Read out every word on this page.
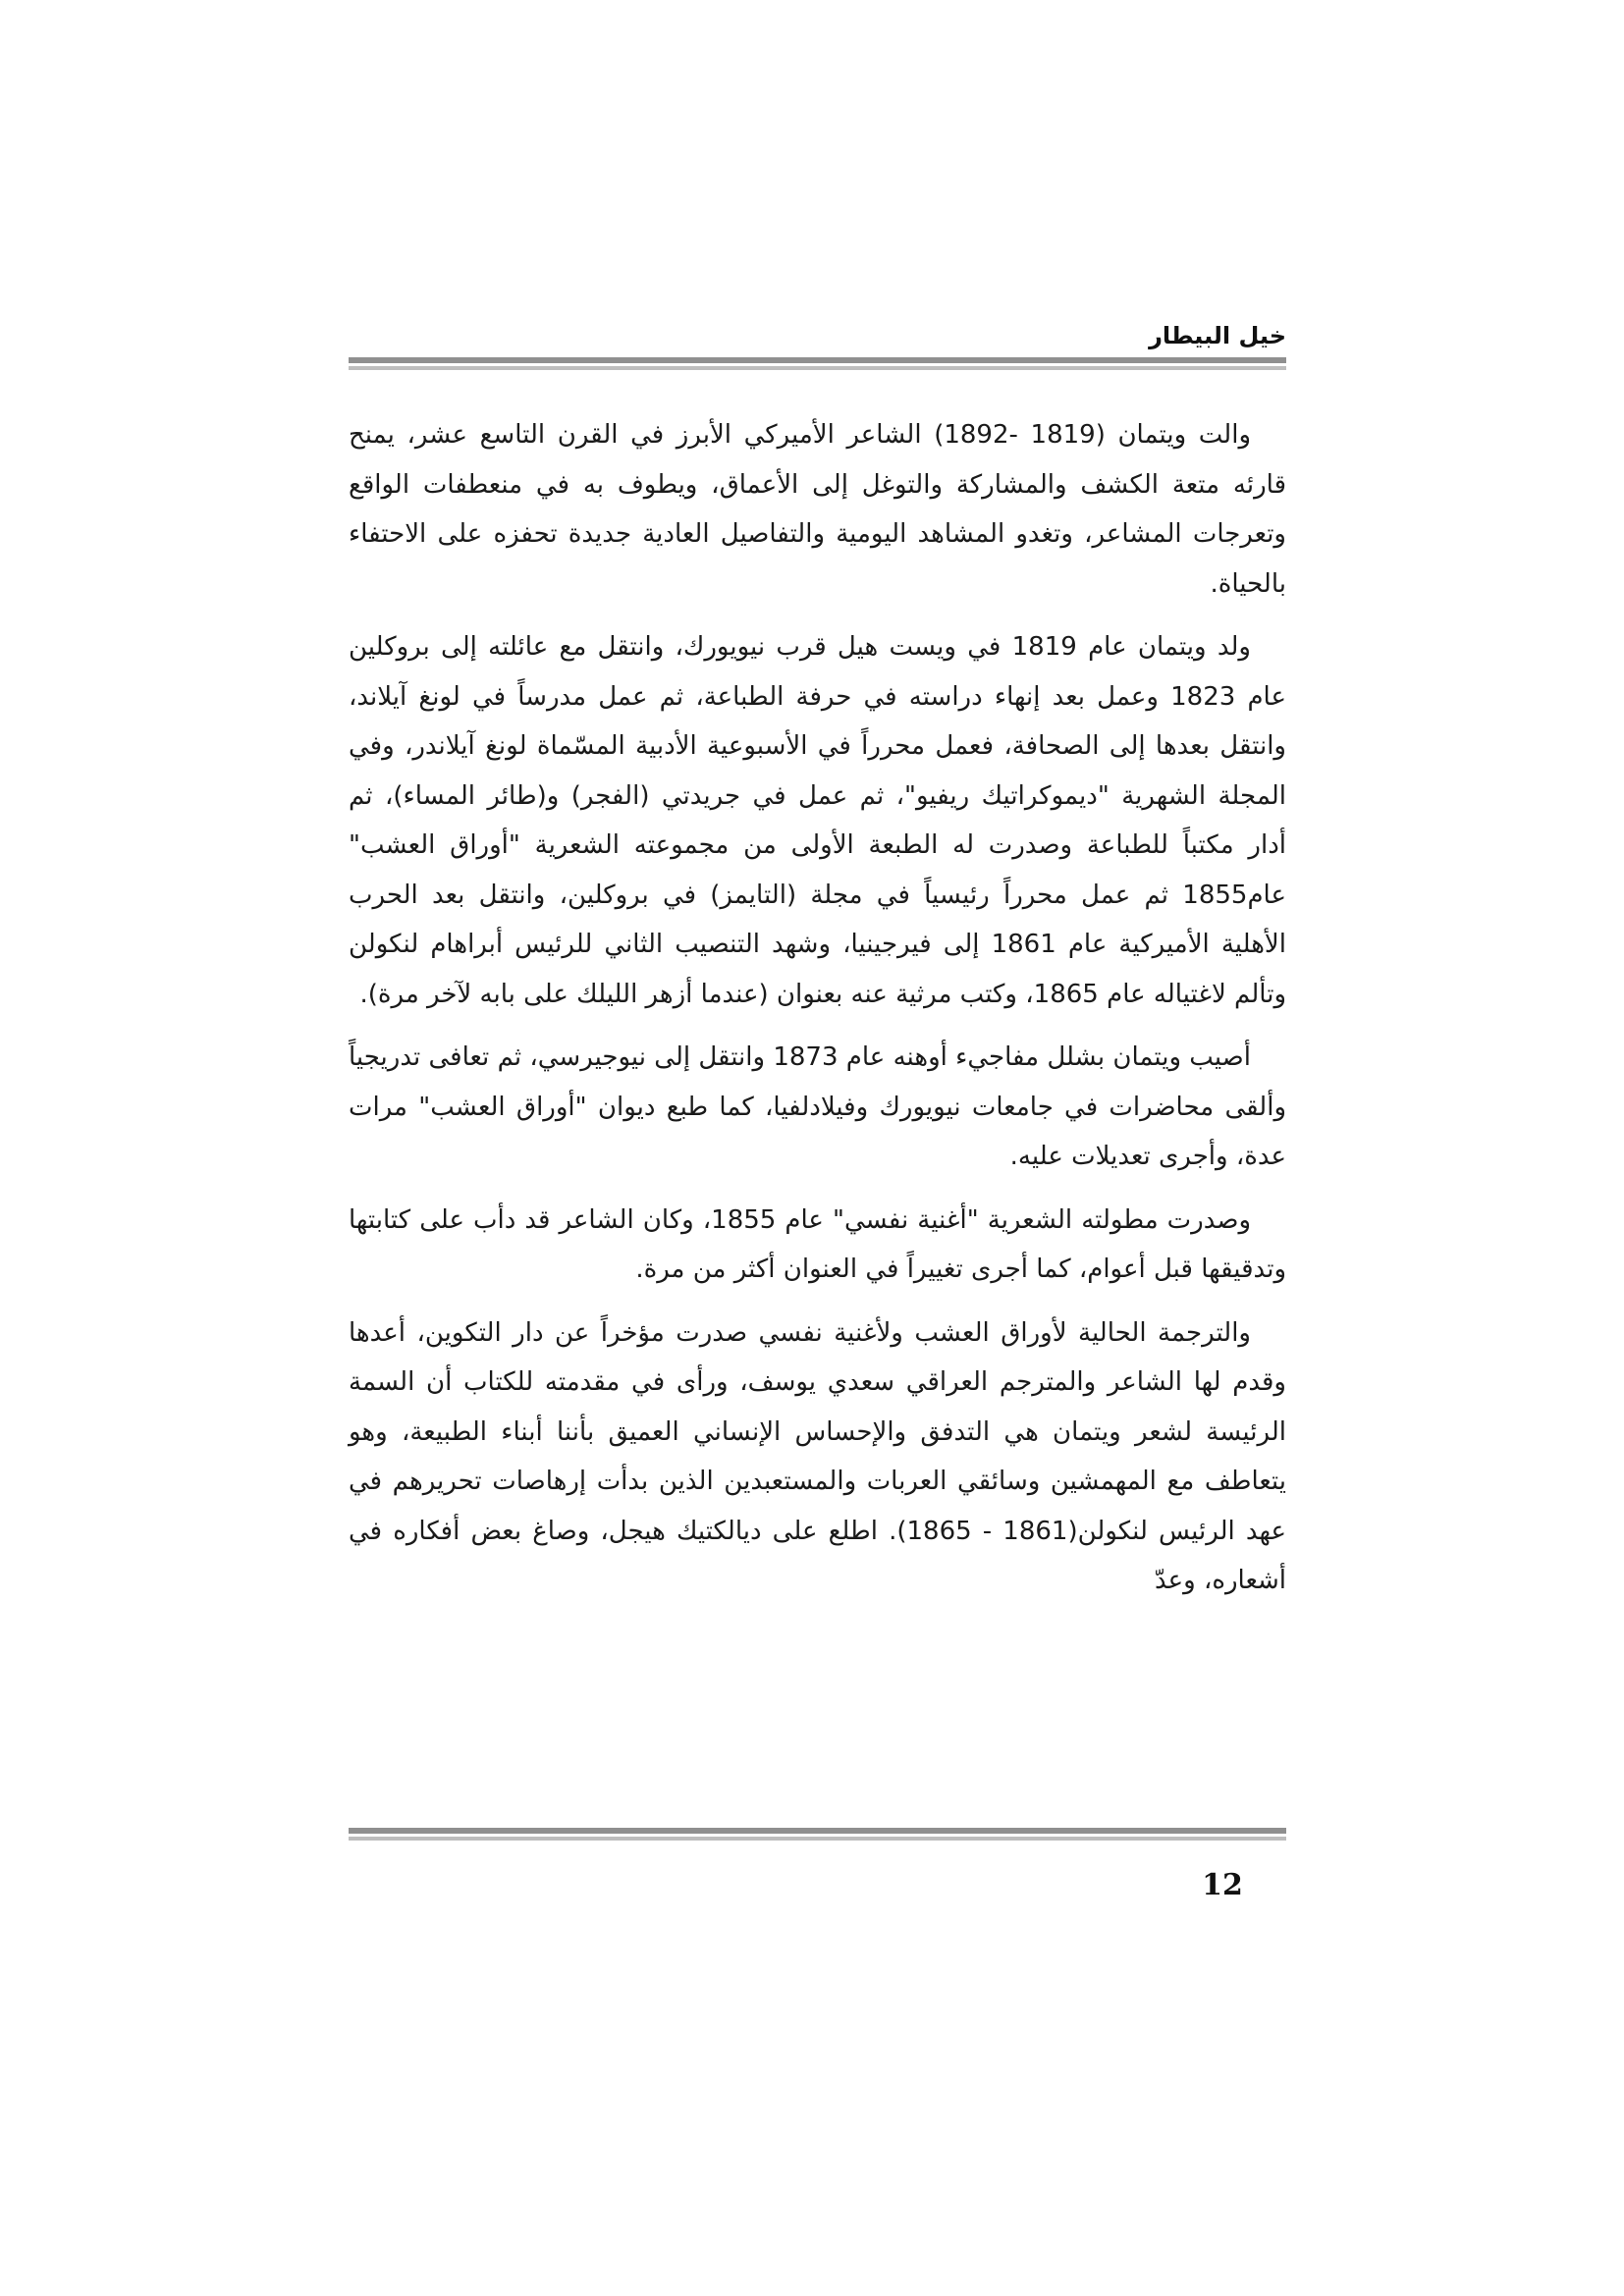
خيل البيطار

والت ويتمان (1819 -1892) الشاعر الأميركي الأبرز في القرن التاسع عشر، يمنح قارئه متعة الكشف والمشاركة والتوغل إلى الأعماق، ويطوف به في منعطفات الواقع وتعرجات المشاعر، وتغدو المشاهد اليومية والتفاصيل العادية جديدة تحفزه على الاحتفاء بالحياة.

ولد ويتمان عام 1819 في ويست هيل قرب نيويورك، وانتقل مع عائلته إلى بروكلين عام 1823 وعمل بعد إنهاء دراسته في حرفة الطباعة، ثم عمل مدرساً في لونغ آيلاند، وانتقل بعدها إلى الصحافة، فعمل محرراً في الأسبوعية الأدبية المسّماة لونغ آيلاندر، وفي المجلة الشهرية "ديموكراتيك ريفيو"، ثم عمل في جريدتي (الفجر) و(طائر المساء)، ثم أدار مكتباً للطباعة وصدرت له الطبعة الأولى من مجموعته الشعرية "أوراق العشب" عام1855 ثم عمل محرراً رئيسياً في مجلة (التايمز) في بروكلين، وانتقل بعد الحرب الأهلية الأميركية عام 1861 إلى فيرجينيا، وشهد التنصيب الثاني للرئيس أبراهام لنكولن وتألم لاغتياله عام 1865، وكتب مرثية عنه بعنوان (عندما أزهر الليلك على بابه لآخر مرة).

أصيب ويتمان بشلل مفاجيء أوهنه عام 1873 وانتقل إلى نيوجيرسي، ثم تعافى تدريجياً وألقى محاضرات في جامعات نيويورك وفيلادلفيا، كما طبع ديوان "أوراق العشب" مرات عدة، وأجرى تعديلات عليه.

وصدرت مطولته الشعرية "أغنية نفسي" عام 1855، وكان الشاعر قد دأب على كتابتها وتدقيقها قبل أعوام، كما أجرى تغييراً في العنوان أكثر من مرة.

والترجمة الحالية لأوراق العشب ولأغنية نفسي صدرت مؤخراً عن دار التكوين، أعدها وقدم لها الشاعر والمترجم العراقي سعدي يوسف، ورأى في مقدمته للكتاب أن السمة الرئيسة لشعر ويتمان هي التدفق والإحساس الإنساني العميق بأننا أبناء الطبيعة، وهو يتعاطف مع المهمشين وسائقي العربات والمستعبدين الذين بدأت إرهاصات تحريرهم في عهد الرئيس لنكولن(1861 - 1865). اطلع على ديالكتيك هيجل، وصاغ بعض أفكاره في أشعاره، وعدّ

12
